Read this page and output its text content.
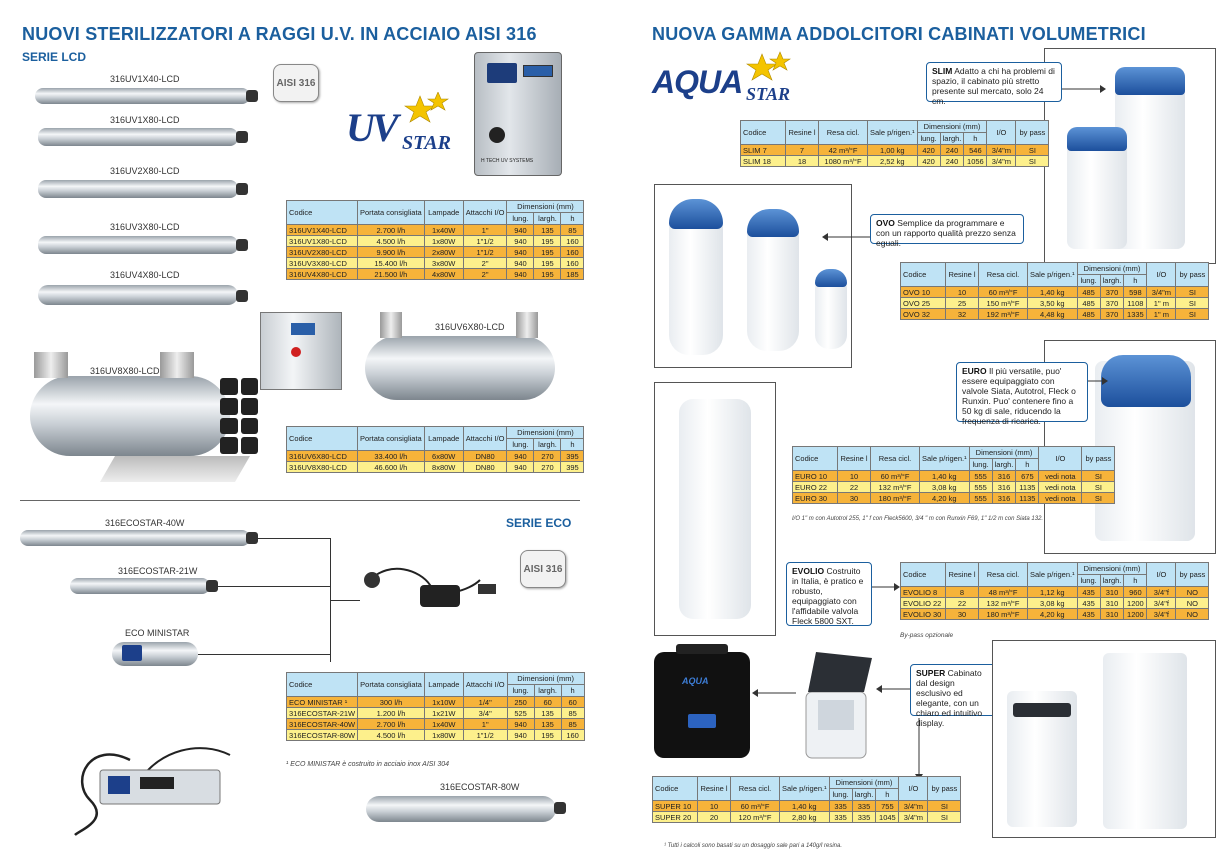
NUOVI STERILIZZATORI A RAGGI U.V. IN ACCIAIO AISI 316
SERIE LCD
316UV1X40-LCD
316UV1X80-LCD
316UV2X80-LCD
316UV3X80-LCD
316UV4X80-LCD
AISI 316
UV STAR
H TECH UV SYSTEMS
Codice	Portata consigliata	Lampade	Attacchi I/O	Dimensioni (mm)		
				lung.	largh.	h
316UV1X40-LCD	2.700 l/h	1x40W	1"	940	135	85
316UV1X80-LCD	4.500 l/h	1x80W	1"1/2	940	195	160
316UV2X80-LCD	9.900 l/h	2x80W	1"1/2	940	195	160
316UV3X80-LCD	15.400 l/h	3x80W	2"	940	195	160
316UV4X80-LCD	21.500 l/h	4x80W	2"	940	195	185
316UV6X80-LCD
316UV8X80-LCD
Codice	Portata consigliata	Lampade	Attacchi I/O	Dimensioni (mm)		
				lung.	largh.	h
316UV6X80-LCD	33.400 l/h	6x80W	DN80	940	270	395
316UV8X80-LCD	46.600 l/h	8x80W	DN80	940	270	395
SERIE ECO
AISI 316
316ECOSTAR-40W
316ECOSTAR-21W
ECO MINISTAR
Codice	Portata consigliata	Lampade	Attacchi I/O	Dimensioni (mm)		
				lung.	largh.	h
ECO MINISTAR ¹	300 l/h	1x10W	1/4"	250	60	60
316ECOSTAR-21W	1.200 l/h	1x21W	3/4"	525	135	85
316ECOSTAR-40W	2.700 l/h	1x40W	1"	940	135	85
316ECOSTAR-80W	4.500 l/h	1x80W	1"1/2	940	195	160
¹ ECO MINISTAR è costruito in acciaio inox AISI 304
316ECOSTAR-80W
NUOVA GAMMA ADDOLCITORI CABINATI VOLUMETRICI
AQUA STAR
SLIM Adatto a chi ha problemi di spazio, il cabinato più stretto presente sul mercato, solo 24 cm.
Codice	Resine l	Resa cicl.	Sale p/rigen.¹	Dimensioni (mm)			I/O	by pass
				lung.	largh.	h		
SLIM 7	7	42 m³/°F	1,00 kg	420	240	546	3/4"m	SI
SLIM 18	18	1080 m³/°F	2,52 kg	420	240	1056	3/4"m	SI
OVO Semplice da programmare e con un rapporto qualità prezzo senza eguali.
Codice	Resine l	Resa cicl.	Sale p/rigen.¹	Dimensioni (mm)			I/O	by pass
				lung.	largh.	h		
OVO 10	10	60 m³/°F	1,40 kg	485	370	598	3/4"m	SI
OVO 25	25	150 m³/°F	3,50 kg	485	370	1108	1" m	SI
OVO 32	32	192 m³/°F	4,48 kg	485	370	1335	1" m	SI
EURO Il più versatile, puo' essere equipaggiato con valvole Siata, Autotrol, Fleck o Runxin. Puo' contenere fino a 50 kg di sale, riducendo la frequenza di ricarica.
Codice	Resine l	Resa cicl.	Sale p/rigen.¹	Dimensioni (mm)			I/O	by pass
				lung.	largh.	h		
EURO 10	10	60 m³/°F	1,40 kg	555	316	675	vedi nota	SI
EURO 22	22	132 m³/°F	3,08 kg	555	316	1135	vedi nota	SI
EURO 30	30	180 m³/°F	4,20 kg	555	316	1135	vedi nota	SI
I/O 1" m con Autotrol 255, 1" f con Fleck5600, 3/4 " m con Runxin F69, 1" 1/2 m con Siata 132.
EVOLIO Costruito in Italia, è pratico e robusto, equipaggiato con l'affidabile valvola Fleck 5800 SXT.
Codice	Resine l	Resa cicl.	Sale p/rigen.¹	Dimensioni (mm)			I/O	by pass
				lung.	largh.	h		
EVOLIO 8	8	48 m³/°F	1,12 kg	435	310	960	3/4"f	NO
EVOLIO 22	22	132 m³/°F	3,08 kg	435	310	1200	3/4"f	NO
EVOLIO 30	30	180 m³/°F	4,20 kg	435	310	1200	3/4"f	NO
By-pass opzionale
AQUA
SUPER Cabinato dal design esclusivo ed elegante, con un chiaro ed intuitivo display.
Codice	Resine l	Resa cicl.	Sale p/rigen.¹	Dimensioni (mm)			I/O	by pass
				lung.	largh.	h		
SUPER 10	10	60 m³/°F	1,40 kg	335	335	755	3/4"m	SI
SUPER 20	20	120 m³/°F	2,80 kg	335	335	1045	3/4"m	SI
¹ Tutti i calcoli sono basati su un dosaggio sale pari a 140g/l resina.
